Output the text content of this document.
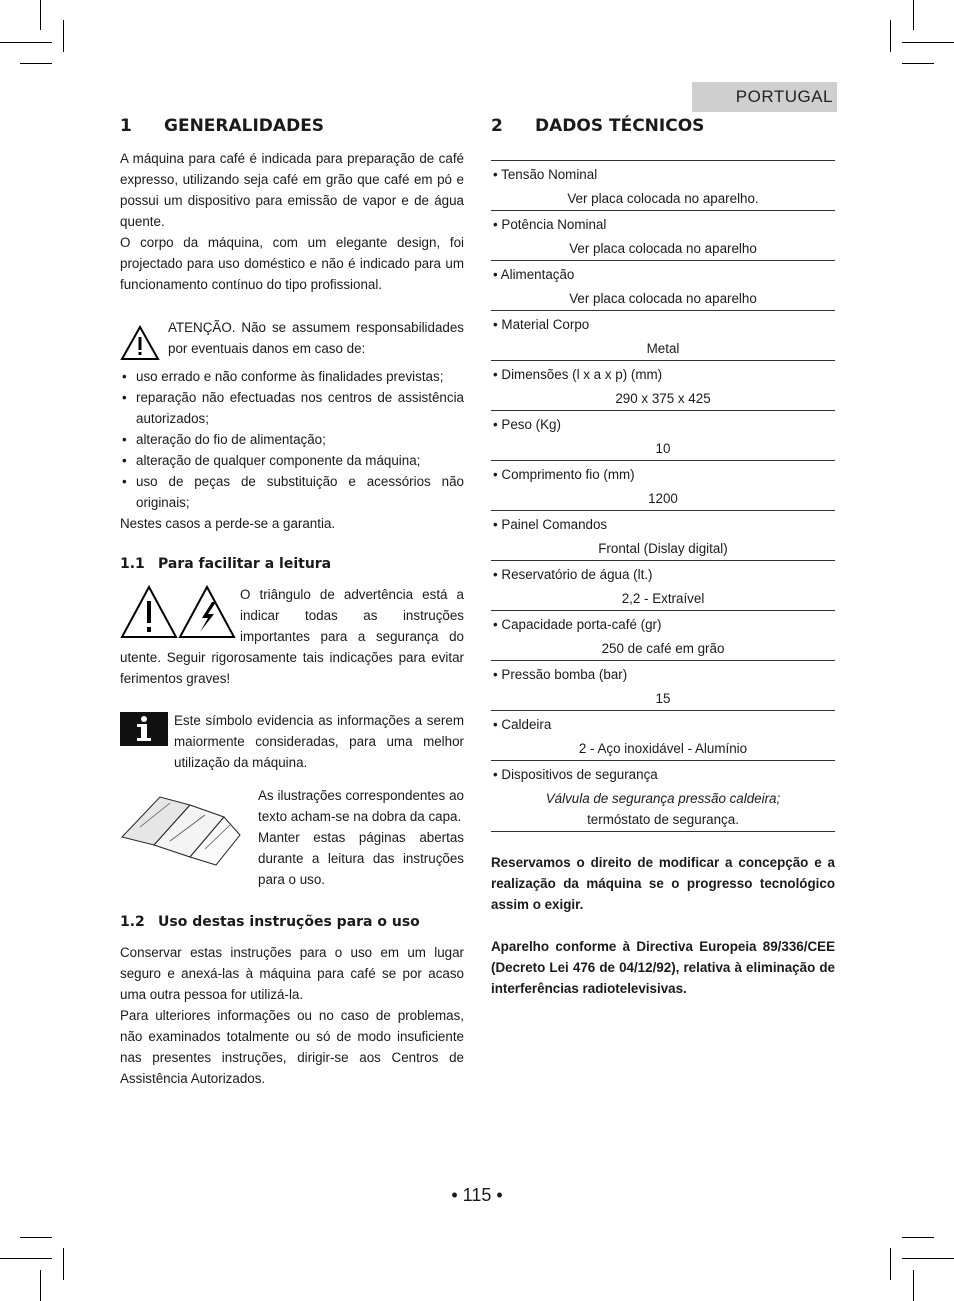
PORTUGAL
1	GENERALIDADES

A máquina para café é indicada para preparação de café expresso, utilizando seja café em grão que café em pó e possui um dispositivo para emissão de vapor e de água quente.

O corpo da máquina, com um elegante design, foi projectado para uso doméstico e não é indicado para um funcionamento contínuo do tipo profissional.

ATENÇÃO. Não se assumem responsabilidades por eventuais danos em caso de:

• uso errado e não conforme às finalidades previstas;
• reparação não efectuadas nos centros de assistência autorizados;
• alteração do fio de alimentação;
• alteração de qualquer componente da máquina;
• uso de peças de substituição e acessórios não originais;

Nestes casos a perde-se a garantia.

1.1 Para facilitar a leitura

O triângulo de advertência está a indicar todas as instruções importantes para a segurança do utente. Seguir rigorosamente tais indicações para evitar ferimentos graves!

Este símbolo evidencia as informações a serem maiormente consideradas, para uma melhor utilização da máquina.

As ilustrações correspondentes ao texto acham-se na dobra da capa.

Manter estas páginas abertas durante a leitura das instruções para o uso.

1.2 Uso destas instruções para o uso

Conservar estas instruções para o uso em um lugar seguro e anexá-las à máquina para café se por acaso uma outra pessoa for utilizá-la.

Para ulteriores informações ou no caso de problemas, não examinados totalmente ou só de modo insuficiente nas presentes instruções, dirigir-se aos Centros de Assistência Autorizados.

2	DADOS TÉCNICOS
• Tensão Nominal
Ver placa colocada no aparelho.
• Potência Nominal
Ver placa colocada no aparelho
• Alimentação
Ver placa colocada no aparelho
• Material Corpo
Metal
• Dimensões (l x a x p) (mm)
290 x 375 x 425
• Peso (Kg)
10
• Comprimento fio (mm)
1200
• Painel Comandos
Frontal (Dislay digital)
• Reservatório de água (lt.)
2,2 - Extraível
• Capacidade porta-café (gr)
250 de café em grão
• Pressão bomba (bar)
15
• Caldeira
2 - Aço inoxidável - Alumínio
• Dispositivos de segurança
Válvula de segurança pressão caldeira;
termóstato de segurança.

Reservamos o direito de modificar a concepção e a realização da máquina se o progresso tecnológico assim o exigir.

Aparelho conforme à Directiva Europeia 89/336/CEE (Decreto Lei 476 de 04/12/92), relativa à eliminação de interferências radiotelevisivas.

• 115 •
